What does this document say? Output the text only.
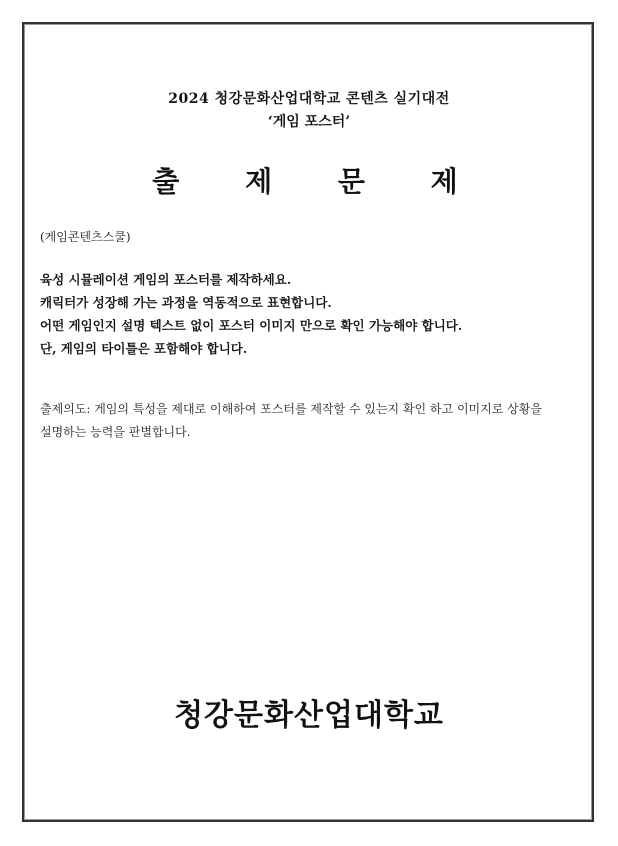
2024 청강문화산업대학교 콘텐츠 실기대전
‘게임 포스터’
출 제 문 제
(게임콘텐츠스쿨)

육성 시뮬레이션 게임의 포스터를 제작하세요.

캐릭터가 성장해 가는 과정을 역동적으로 표현합니다.

어떤 게임인지 설명 텍스트 없이 포스터 이미지 만으로 확인 가능해야 합니다.

단, 게임의 타이틀은 포함해야 합니다.

출제의도: 게임의 특성을 제대로 이해하여 포스터를 제작할 수 있는지 확인 하고 이미지로 상황을 설명하는 능력을 판별합니다.
청강문화산업대학교
